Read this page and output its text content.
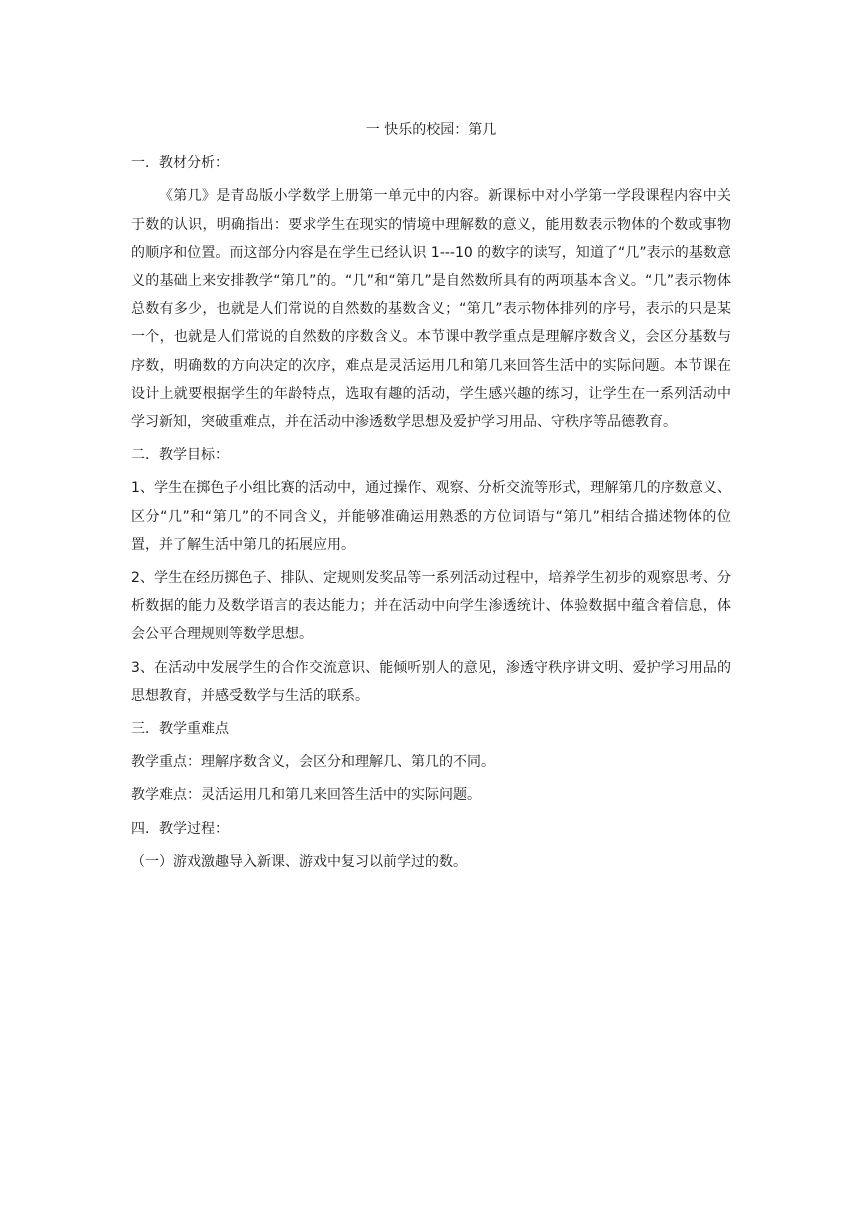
一 快乐的校园：第几
一．教材分析：
《第几》是青岛版小学数学上册第一单元中的内容。新课标中对小学第一学段课程内容中关于数的认识，明确指出：要求学生在现实的情境中理解数的意义，能用数表示物体的个数或事物的顺序和位置。而这部分内容是在学生已经认识 1---10 的数字的读写，知道了“几”表示的基数意义的基础上来安排教学“第几”的。“几”和“第几”是自然数所具有的两项基本含义。“几”表示物体总数有多少，也就是人们常说的自然数的基数含义；“第几”表示物体排列的序号，表示的只是某一个，也就是人们常说的自然数的序数含义。本节课中教学重点是理解序数含义，会区分基数与序数，明确数的方向决定的次序，难点是灵活运用几和第几来回答生活中的实际问题。本节课在设计上就要根据学生的年龄特点，选取有趣的活动，学生感兴趣的练习，让学生在一系列活动中学习新知，突破重难点，并在活动中渗透数学思想及爱护学习用品、守秩序等品德教育。
二．教学目标：
1、学生在掷色子小组比赛的活动中，通过操作、观察、分析交流等形式，理解第几的序数意义、区分“几”和“第几”的不同含义，并能够准确运用熟悉的方位词语与“第几”相结合描述物体的位置，并了解生活中第几的拓展应用。
2、学生在经历掷色子、排队、定规则发奖品等一系列活动过程中，培养学生初步的观察思考、分析数据的能力及数学语言的表达能力；并在活动中向学生渗透统计、体验数据中蕴含着信息，体会公平合理规则等数学思想。
3、在活动中发展学生的合作交流意识、能倾听别人的意见，渗透守秩序讲文明、爱护学习用品的思想教育，并感受数学与生活的联系。
三．教学重难点
教学重点：理解序数含义，会区分和理解几、第几的不同。
教学难点：灵活运用几和第几来回答生活中的实际问题。
四．教学过程：
（一）游戏激趣导入新课、游戏中复习以前学过的数。
